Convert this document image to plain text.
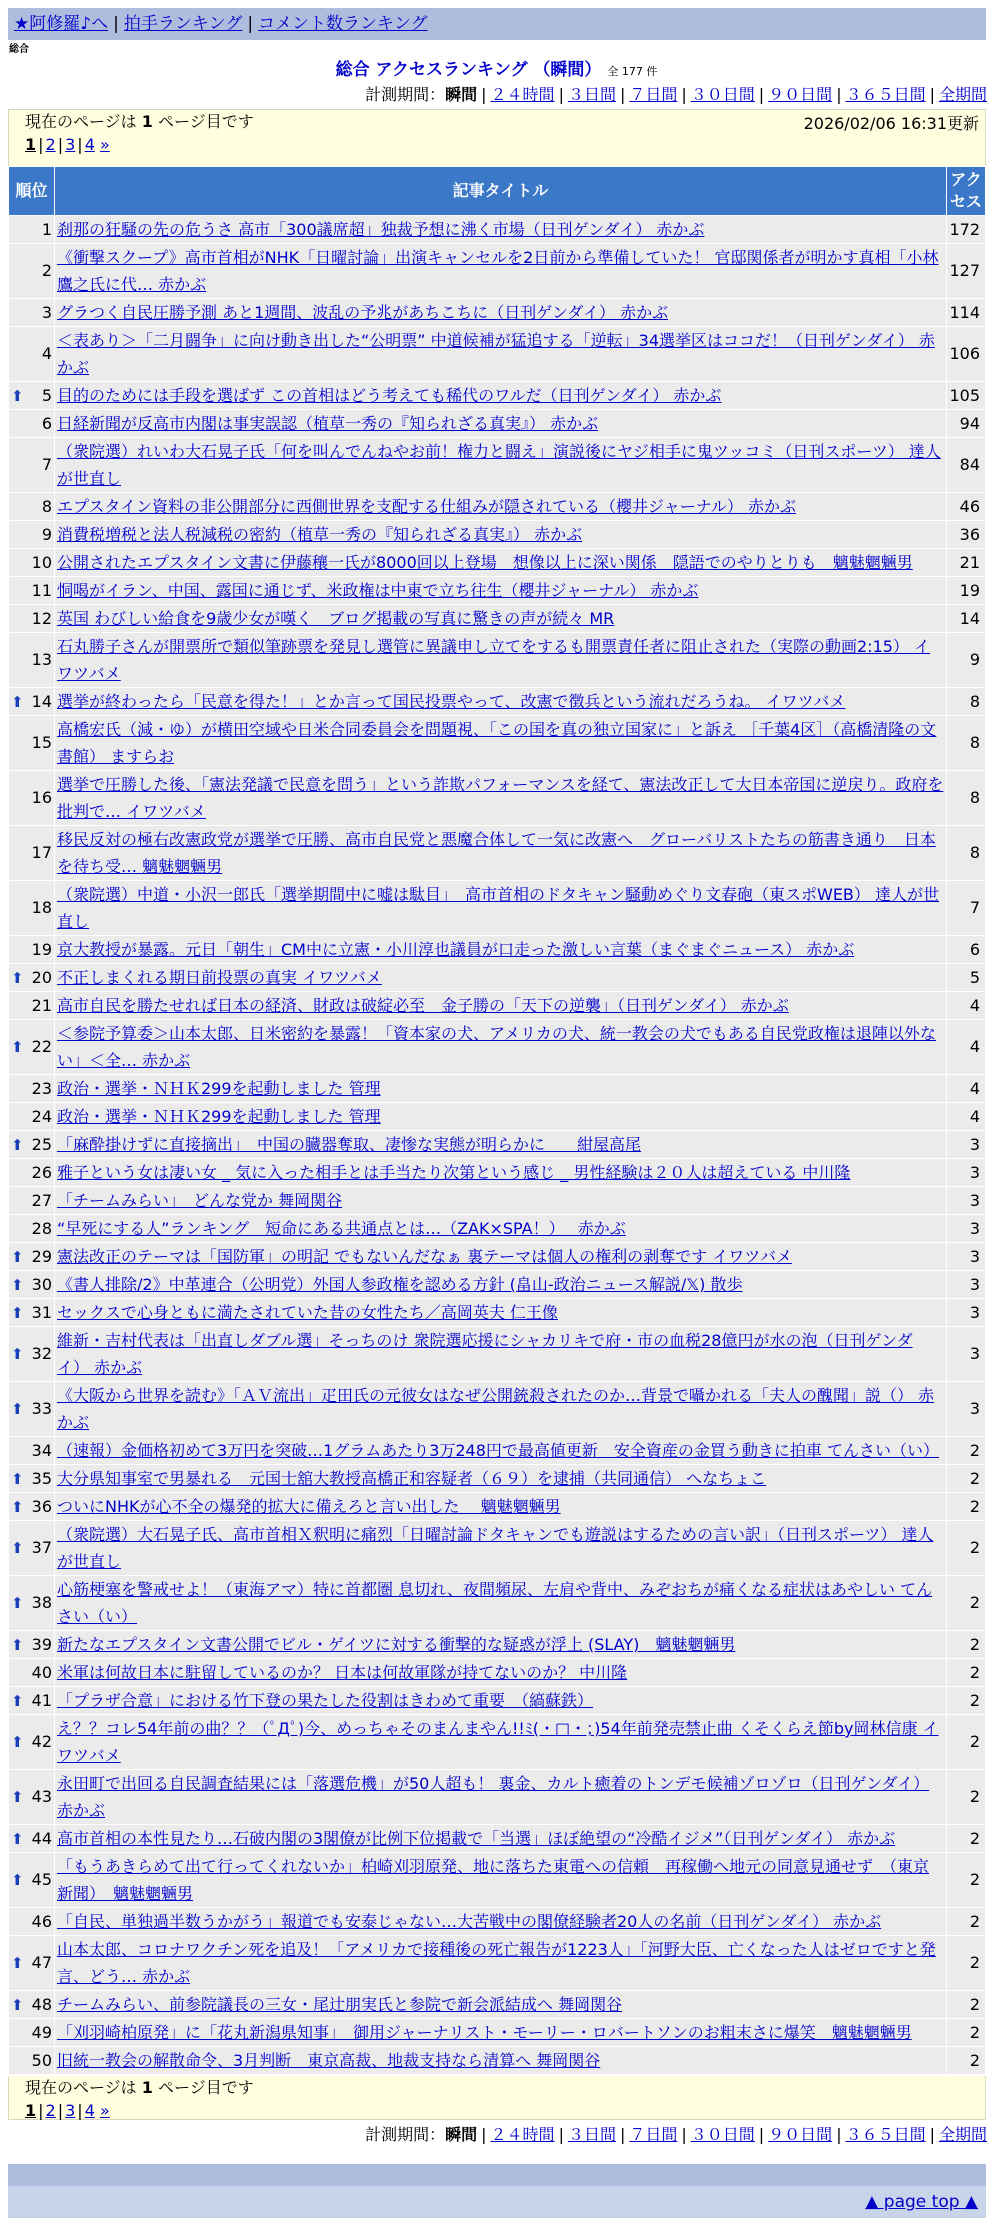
★阿修羅♪へ | 拍手ランキング | コメント数ランキング
総合
総合 アクセスランキング （瞬間） 全 177 件
計測期間：瞬間 | ２４時間 | ３日間 | ７日間 | ３０日間 | ９０日間 | ３６５日間 | 全期間
現在のページは 1 ページ目です	2026/02/06 16:31更新
1 | 2 | 3 | 4 »
順位	記事タイトル	アクセス
1	刹那の狂騒の先の危うさ 高市「300議席超」独裁予想に沸く市場（日刊ゲンダイ） 赤かぶ	172
2	《衝撃スクープ》高市首相がNHK「日曜討論」出演キャンセルを2日前から準備していた！ 官邸関係者が明かす真相「小林鷹之氏に代… 赤かぶ	127
3	グラつく自民圧勝予測 あと1週間、波乱の予兆があちこちに（日刊ゲンダイ） 赤かぶ	114
4	＜表あり＞「二月闘争」に向け動き出した“公明票” 中道候補が猛追する「逆転」34選挙区はココだ！（日刊ゲンダイ） 赤かぶ	106

⬆ 5	目的のためには手段を選ばず この首相はどう考えても稀代のワルだ（日刊ゲンダイ） 赤かぶ	105
6	日経新聞が反高市内閣は事実誤認（植草一秀の『知られざる真実』） 赤かぶ	94
7	（衆院選）れいわ大石晃子氏「何を叫んでんねやお前！権力と闘え」演説後にヤジ相手に鬼ツッコミ（日刊スポーツ） 達人が世直し	84
8	エプスタイン資料の非公開部分に西側世界を支配する仕組みが隠されている（櫻井ジャーナル） 赤かぶ	46
9	消費税増税と法人税減税の密約（植草一秀の『知られざる真実』） 赤かぶ	36
10	公開されたエプスタイン文書に伊藤穰一氏が8000回以上登場　想像以上に深い関係　隠語でのやりとりも　魑魅魍魎男	21
11	恫喝がイラン、中国、露国に通じず、米政権は中東で立ち往生（櫻井ジャーナル） 赤かぶ	19
12	英国 わびしい給食を9歳少女が嘆く　ブログ掲載の写真に驚きの声が続々 MR	14
13	石丸勝子さんが開票所で類似筆跡票を発見し選管に異議申し立てをするも開票責任者に阻止された（実際の動画2:15） イワツバメ	9

⬆ 14	選挙が終わったら「民意を得た！」とか言って国民投票やって、改憲で徴兵という流れだろうね。 イワツバメ	8
15	高橋宏氏（減・ゆ）が横田空域や日米合同委員会を問題視、「この国を真の独立国家に」と訴え ［千葉4区］（高橋清隆の文書館） ますらお	8
16	選挙で圧勝した後、「憲法発議で民意を問う」という詐欺パフォーマンスを経て、憲法改正して大日本帝国に逆戻り。政府を批判で… イワツバメ	8
17	移民反対の極右改憲政党が選挙で圧勝、高市自民党と悪魔合体して一気に改憲へ　グローバリストたちの筋書き通り　日本を待ち受… 魑魅魍魎男	8
18	（衆院選）中道・小沢一郎氏「選挙期間中に嘘は駄目」　高市首相のドタキャン騒動めぐり文春砲（東スポWEB） 達人が世直し	7
19	京大教授が暴露。元日「朝生」CM中に立憲・小川淳也議員が口走った激しい言葉（まぐまぐニュース） 赤かぶ	6

⬆ 20	不正しまくれる期日前投票の真実 イワツバメ	5
21	高市自民を勝たせれば日本の経済、財政は破綻必至　金子勝の「天下の逆襲」（日刊ゲンダイ） 赤かぶ	4

⬆ 22	＜参院予算委＞山本太郎、日米密約を暴露！「資本家の犬、アメリカの犬、統一教会の犬でもある自民党政権は退陣以外ない」＜全… 赤かぶ	4
23	政治・選挙・ＮＨＫ299を起動しました 管理	4
24	政治・選挙・ＮＨＫ299を起動しました 管理	4

⬆ 25	「麻酔掛けずに直接摘出」　中国の臓器奪取、凄惨な実態が明らかに　　紺屋高尾	3
26	雅子という女は凄い女 _ 気に入った相手とは手当たり次第という感じ _ 男性経験は２０人は超えている 中川隆	3
27	「チームみらい」　どんな党か 舞岡関谷	3
28	“早死にする人”ランキング　短命にある共通点とは…（ZAK×SPA！）　 赤かぶ	3

⬆ 29	憲法改正のテーマは「国防軍」の明記 でもないんだなぁ 裏テーマは個人の権利の剥奪です イワツバメ	3

⬆ 30	《書人排除/2》中革連合（公明党）外国人参政権を認める方針 (畠山-政治ニュース解説/𝕏) 散歩	3

⬆ 31	セックスで心身ともに満たされていた昔の女性たち／高岡英夫 仁王像	3

⬆ 32	維新・吉村代表は「出直しダブル選」そっちのけ 衆院選応援にシャカリキで府・市の血税28億円が水の泡（日刊ゲンダイ） 赤かぶ	3

⬆ 33	《大阪から世界を読む》「ＡＶ流出」疋田氏の元彼女はなぜ公開銃殺されたのか…背景で囁かれる「夫人の醜聞」説（） 赤かぶ	3
34	（速報）金価格初めて3万円を突破…1グラムあたり3万248円で最高値更新　安全資産の金買う動きに拍車 てんさい（い）	2

⬆ 35	大分県知事室で男暴れる　元国士舘大教授高橋正和容疑者（６９）を逮捕（共同通信） へなちょこ	2

⬆ 36	ついにNHKが心不全の爆発的拡大に備えろと言い出した　 魑魅魍魎男	2

⬆ 37	（衆院選）大石晃子氏、高市首相Ｘ釈明に痛烈「日曜討論ドタキャンでも遊説はするための言い訳」（日刊スポーツ） 達人が世直し	2

⬆ 38	心筋梗塞を警戒せよ！（東海アマ）特に首都圏 息切れ、夜間頻尿、左肩や背中、みぞおちが痛くなる症状はあやしい てんさい（い）	2

⬆ 39	新たなエプスタイン文書公開でビル・ゲイツに対する衝撃的な疑惑が浮上 (SLAY)　魑魅魍魎男	2
40	米軍は何故日本に駐留しているのか？ 日本は何故軍隊が持てないのか？ 中川隆	2

⬆ 41	「プラザ合意」における竹下登の果たした役割はきわめて重要　（縞蘇鉄）	2

⬆ 42	え？？コレ54年前の曲？？（ﾟДﾟ)今、めっちゃそのまんまやん!!ﾐ(・□・；)54年前発売禁止曲 くそくらえ節by岡林信康 イワツバメ	2

⬆ 43	永田町で出回る自民調査結果には「落選危機」が50人超も！ 裏金、カルト癒着のトンデモ候補ゾロゾロ（日刊ゲンダイ） 赤かぶ	2

⬆ 44	高市首相の本性見たり…石破内閣の3閣僚が比例下位掲載で「当選」ほぼ絶望の“冷酷イジメ”（日刊ゲンダイ） 赤かぶ	2

⬆ 45	「もうあきらめて出て行ってくれないか」柏崎刈羽原発、地に落ちた東電への信頼　再稼働へ地元の同意見通せず　（東京新聞）　魑魅魍魎男	2
46	「自民、単独過半数うかがう」報道でも安泰じゃない…大苦戦中の閣僚経験者20人の名前（日刊ゲンダイ） 赤かぶ	2

⬆ 47	山本太郎、コロナワクチン死を追及！「アメリカで接種後の死亡報告が1223人」「河野大臣、亡くなった人はゼロですと発言、どう… 赤かぶ	2

⬆ 48	チームみらい、前参院議長の三女・尾辻朋実氏と参院で新会派結成へ 舞岡関谷	2
49	「刈羽崎柏原発」に「花丸新潟県知事」　御用ジャーナリスト・モーリー・ロバートソンのお粗末さに爆笑　魑魅魍魎男	2
50	旧統一教会の解散命令、3月判断　東京高裁、地裁支持なら清算へ 舞岡関谷	2
現在のページは 1 ページ目です
1 | 2 | 3 | 4 »
計測期間：瞬間 | ２４時間 | ３日間 | ７日間 | ３０日間 | ９０日間 | ３６５日間 | 全期間
▲ page top ▲
